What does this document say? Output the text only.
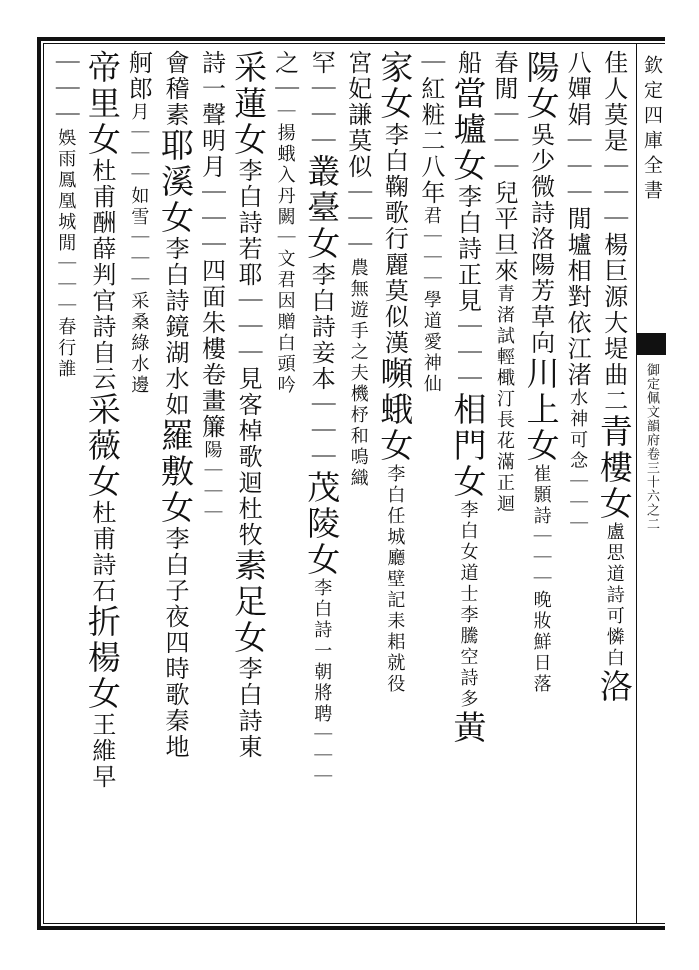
欽定四庫全書
御定佩文韻府卷三十六之二
佳人莫是｜｜｜楊巨源大堤曲二青樓女盧思道詩可憐白洛
八嬋娟｜｜｜閒壚相對依江渚水神可念｜｜｜
陽女吳少微詩洛陽芳草向川上女崔顥詩｜｜｜晚妝鮮日落
春閒｜｜｜兒平旦來青渚試輕檝汀長花滿正迴
船當壚女李白詩正見｜｜｜相門女李白女道士李騰空詩多黃
｜紅粧二八年君｜｜｜學道愛神仙
家女李白鞠歌行麗莫似漢嚬蛾女李白任城廳壁記耒耜就役
宮妃謙莫似｜｜｜農無遊手之夫機杼和鳴織
罕｜｜｜叢臺女李白詩妾本｜｜｜茂陵女李白詩一朝將聘｜｜｜
之｜｜揚蛾入丹闕｜文君因贈白頭吟
采蓮女李白詩若耶｜｜｜見客棹歌迴杜牧素足女李白詩東
詩一聲明月｜｜｜四面朱樓卷畫簾陽｜｜｜
會稽素耶溪女李白詩鏡湖水如羅敷女李白子夜四時歌秦地
舸郎月｜｜｜如雪｜｜｜采桑綠水邊
帝里女杜甫酬薛判官詩自云采薇女杜甫詩石折楊女王維早
｜｜｜娛雨鳳凰城閒｜｜｜春行誰
